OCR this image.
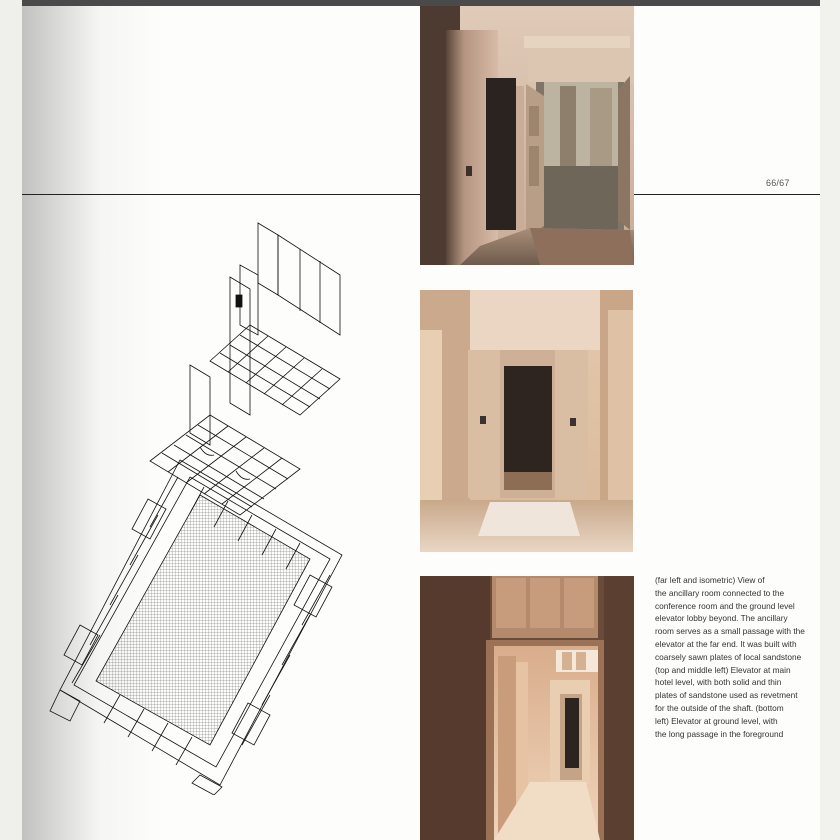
66/67
(far left and isometric) View of
the ancillary room connected to the
conference room and the ground level
elevator lobby beyond. The ancillary
room serves as a small passage with the
elevator at the far end. It was built with
coarsely sawn plates of local sandstone
(top and middle left) Elevator at main
hotel level, with both solid and thin
plates of sandstone used as revetment
for the outside of the shaft. (bottom
left) Elevator at ground level, with
the long passage in the foreground
